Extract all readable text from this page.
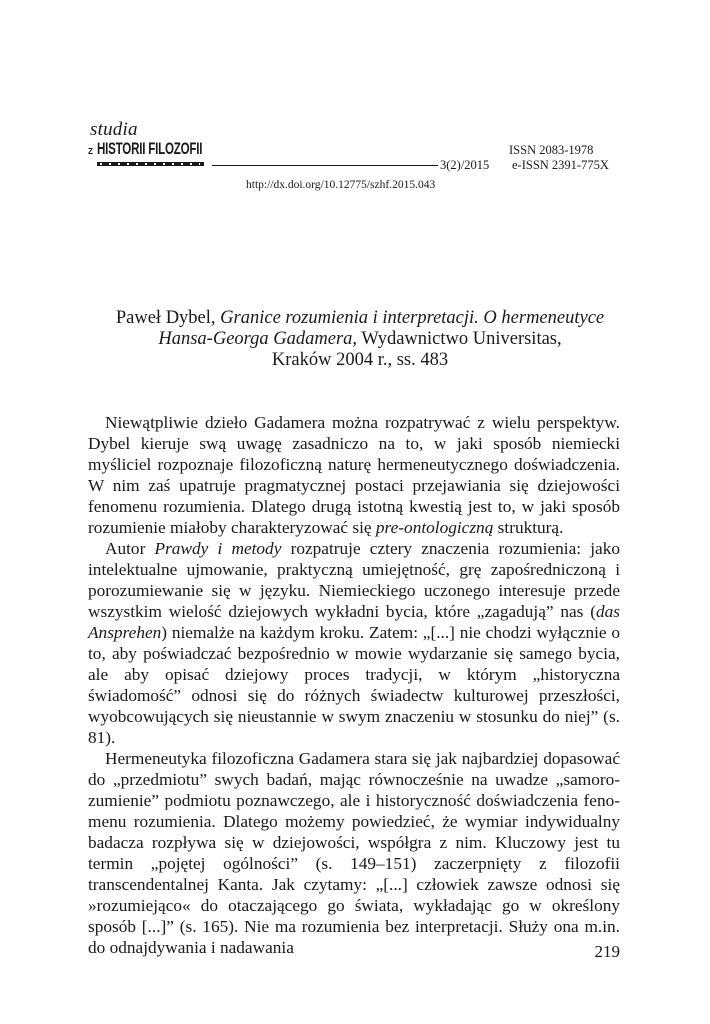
studia
Z HISTORII FILOZOFII	ISSN 2083-1978
3(2)/2015 e-ISSN 2391-775X
http://dx.doi.org/10.12775/szhf.2015.043
Paweł Dybel, Granice rozumienia i interpretacji. O hermeneutyce
Hansa-Georga Gadamera, Wydawnictwo Universitas,
Kraków 2004 r., ss. 483

Niewątpliwie dzieło Gadamera można rozpatrywać z wielu perspektyw. Dybel kieruje swą uwagę zasadniczo na to, w jaki sposób niemiecki myśliciel rozpoznaje filozoficzną naturę hermeneutycznego doświadczenia. W nim zaś upatruje pragmatycznej postaci przejawiania się dziejowości fenomenu rozumienia. Dlatego drugą istotną kwestią jest to, w jaki sposób rozumienie miałoby charakteryzować się pre-ontologiczną strukturą.

Autor Prawdy i metody rozpatruje cztery znaczenia rozumienia: jako intelektualne ujmowanie, praktyczną umiejętność, grę zapośredniczoną i porozumiewanie się w języku. Niemieckiego uczonego interesuje przede wszystkim wielość dziejowych wykładni bycia, które „zagadują” nas (das Ansprehen) niemalże na każdym kroku. Zatem: „[...] nie chodzi wyłącznie o to, aby poświadczać bezpośrednio w mowie wydarzanie się samego bycia, ale aby opisać dziejowy proces tradycji, w którym „historyczna świadomość” odnosi się do różnych świadectw kulturowej przeszłości, wyobcowujących się nieustannie w swym znaczeniu w stosunku do niej” (s. 81).

Hermeneutyka filozoficzna Gadamera stara się jak najbardziej dopasować do „przedmiotu” swych badań, mając równocześnie na uwadze „samorozumienie” podmiotu poznawczego, ale i historyczność doświadczenia fenomenu rozumienia. Dlatego możemy powiedzieć, że wymiar indywidualny badacza rozpływa się w dziejowości, współgra z nim. Kluczowy jest tu termin „pojętej ogólności” (s. 149–151) zaczerpnięty z filozofii transcendentalnej Kanta. Jak czytamy: „[...] człowiek zawsze odnosi się »rozumiejąco« do otaczającego go świata, wykładając go w określony sposób [...]” (s. 165). Nie ma rozumienia bez interpretacji. Służy ona m.in. do odnajdywania i nadawania	219
